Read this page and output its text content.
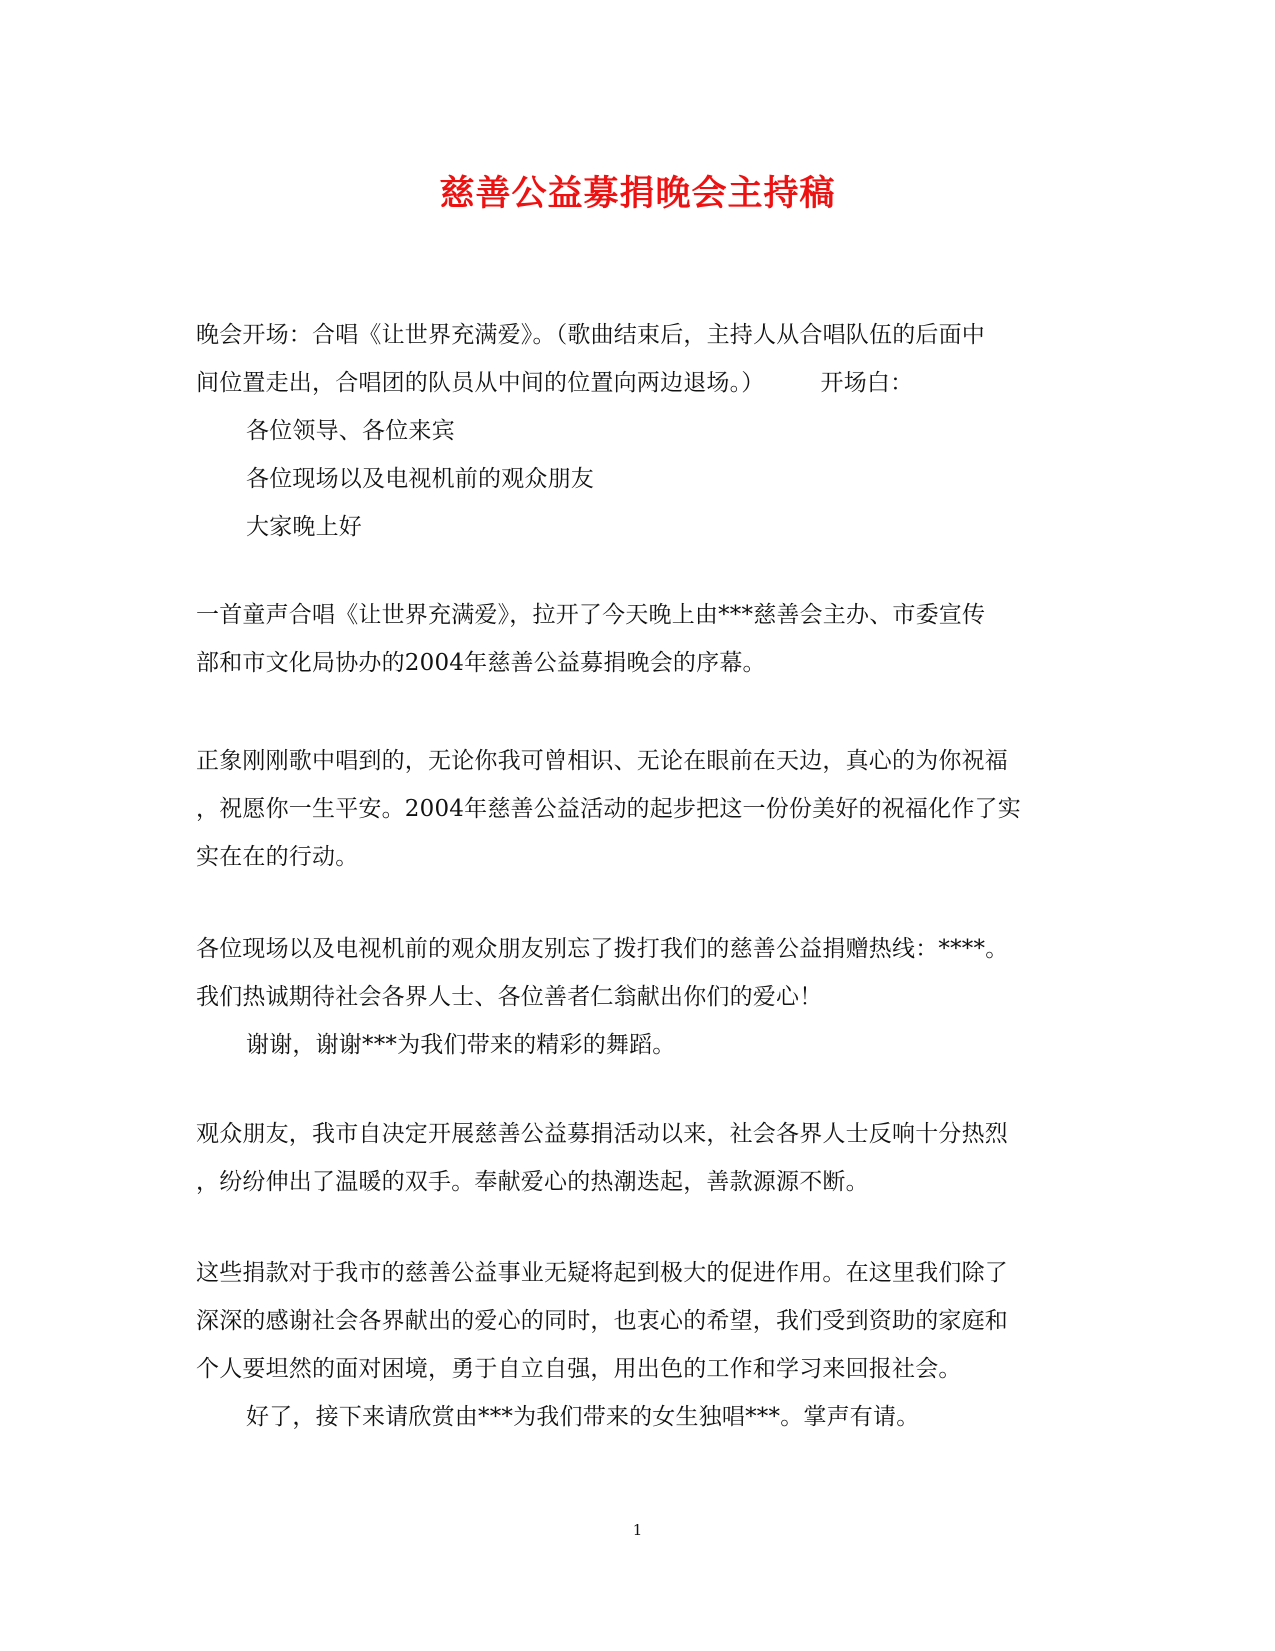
慈善公益募捐晚会主持稿
晚会开场：合唱《让世界充满爱》。（歌曲结束后，主持人从合唱队伍的后面中
间位置走出，合唱团的队员从中间的位置向两边退场。） 开场白：
各位领导、各位来宾
各位现场以及电视机前的观众朋友
大家晚上好
一首童声合唱《让世界充满爱》，拉开了今天晚上由***慈善会主办、市委宣传
部和市文化局协办的2004年慈善公益募捐晚会的序幕。
正象刚刚歌中唱到的，无论你我可曾相识、无论在眼前在天边，真心的为你祝福
，祝愿你一生平安。2004年慈善公益活动的起步把这一份份美好的祝福化作了实
实在在的行动。
各位现场以及电视机前的观众朋友别忘了拨打我们的慈善公益捐赠热线：****。
我们热诚期待社会各界人士、各位善者仁翁献出你们的爱心！
谢谢，谢谢***为我们带来的精彩的舞蹈。
观众朋友，我市自决定开展慈善公益募捐活动以来，社会各界人士反响十分热烈
，纷纷伸出了温暖的双手。奉献爱心的热潮迭起，善款源源不断。
这些捐款对于我市的慈善公益事业无疑将起到极大的促进作用。在这里我们除了
深深的感谢社会各界献出的爱心的同时，也衷心的希望，我们受到资助的家庭和
个人要坦然的面对困境，勇于自立自强，用出色的工作和学习来回报社会。
好了，接下来请欣赏由***为我们带来的女生独唱***。掌声有请。
1
